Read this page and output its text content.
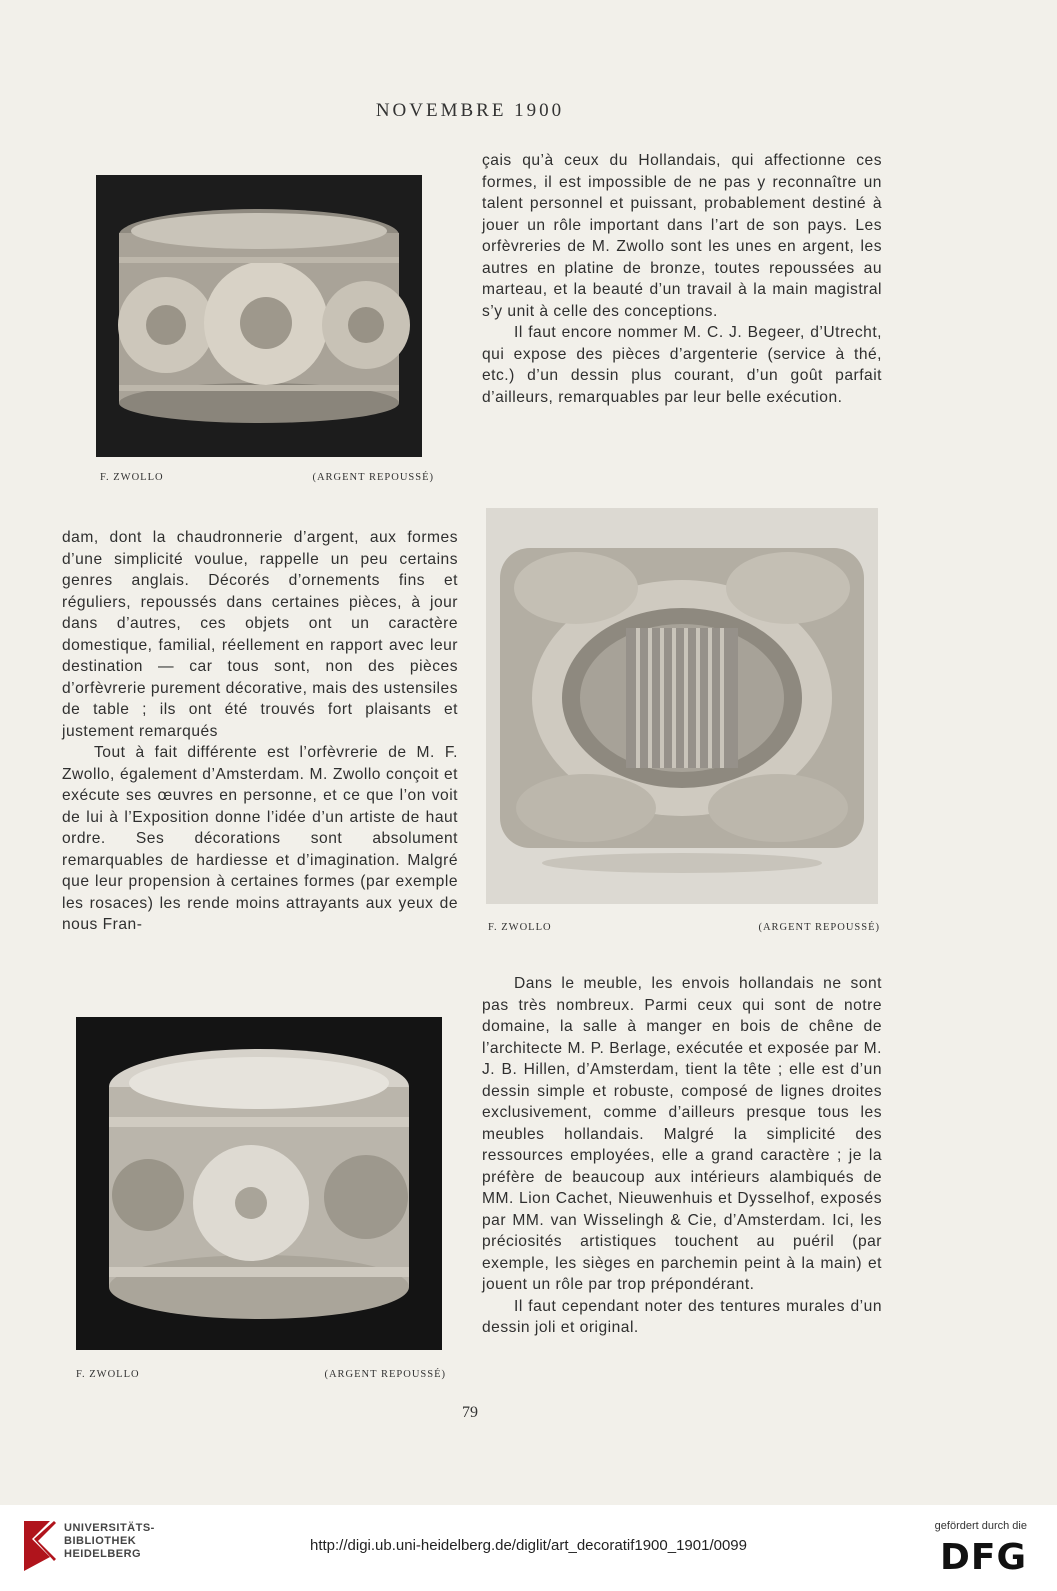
NOVEMBRE 1900
F. ZWOLLO	(ARGENT REPOUSSÉ)

çais qu’à ceux du Hollandais, qui affectionne ces formes, il est impossible de ne pas y reconnaître un talent personnel et puissant, probablement destiné à jouer un rôle important dans l’art de son pays. Les orfèvreries de M. Zwollo sont les unes en argent, les autres en platine de bronze, toutes repoussées au marteau, et la beauté d’un travail à la main magistral s’y unit à celle des conceptions.

Il faut encore nommer M. C. J. Begeer, d’Utrecht, qui expose des pièces d’argenterie (service à thé, etc.) d’un dessin plus courant, d’un goût parfait d’ailleurs, remarquables par leur belle exécution.

F. ZWOLLO	(ARGENT REPOUSSÉ)

dam, dont la chaudronnerie d’argent, aux formes d’une simplicité voulue, rappelle un peu certains genres anglais. Décorés d’ornements fins et réguliers, repoussés dans certaines pièces, à jour dans d’autres, ces objets ont un caractère domestique, familial, réellement en rapport avec leur destination — car tous sont, non des pièces d’orfèvrerie purement décorative, mais des ustensiles de table ; ils ont été trouvés fort plaisants et justement remarqués

Tout à fait différente est l’orfèvrerie de M. F. Zwollo, également d’Amsterdam. M. Zwollo conçoit et exécute ses œuvres en personne, et ce que l’on voit de lui à l’Exposition donne l’idée d’un artiste de haut ordre. Ses décorations sont absolument remarquables de hardiesse et d’imagination. Malgré que leur propension à certaines formes (par exemple les rosaces) les rende moins attrayants aux yeux de nous Fran-

F. ZWOLLO	(ARGENT REPOUSSÉ)

Dans le meuble, les envois hollandais ne sont pas très nombreux. Parmi ceux qui sont de notre domaine, la salle à manger en bois de chêne de l’architecte M. P. Berlage, exécutée et exposée par M. J. B. Hillen, d’Amsterdam, tient la tête ; elle est d’un dessin simple et robuste, composé de lignes droites exclusivement, comme d’ailleurs presque tous les meubles hollandais. Malgré la simplicité des ressources employées, elle a grand caractère ; je la préfère de beaucoup aux intérieurs alambiqués de MM. Lion Cachet, Nieuwenhuis et Dysselhof, exposés par MM. van Wisselingh & Cie, d’Amsterdam. Ici, les préciosités artistiques touchent au puéril (par exemple, les sièges en parchemin peint à la main) et jouent un rôle par trop prépondérant.

Il faut cependant noter des tentures murales d’un dessin joli et original.

79
UNIVERSITÄTS-
BIBLIOTHEK
HEIDELBERG	http://digi.ub.uni-heidelberg.de/diglit/art_decoratif1900_1901/0099
gefördert durch die
DFG
